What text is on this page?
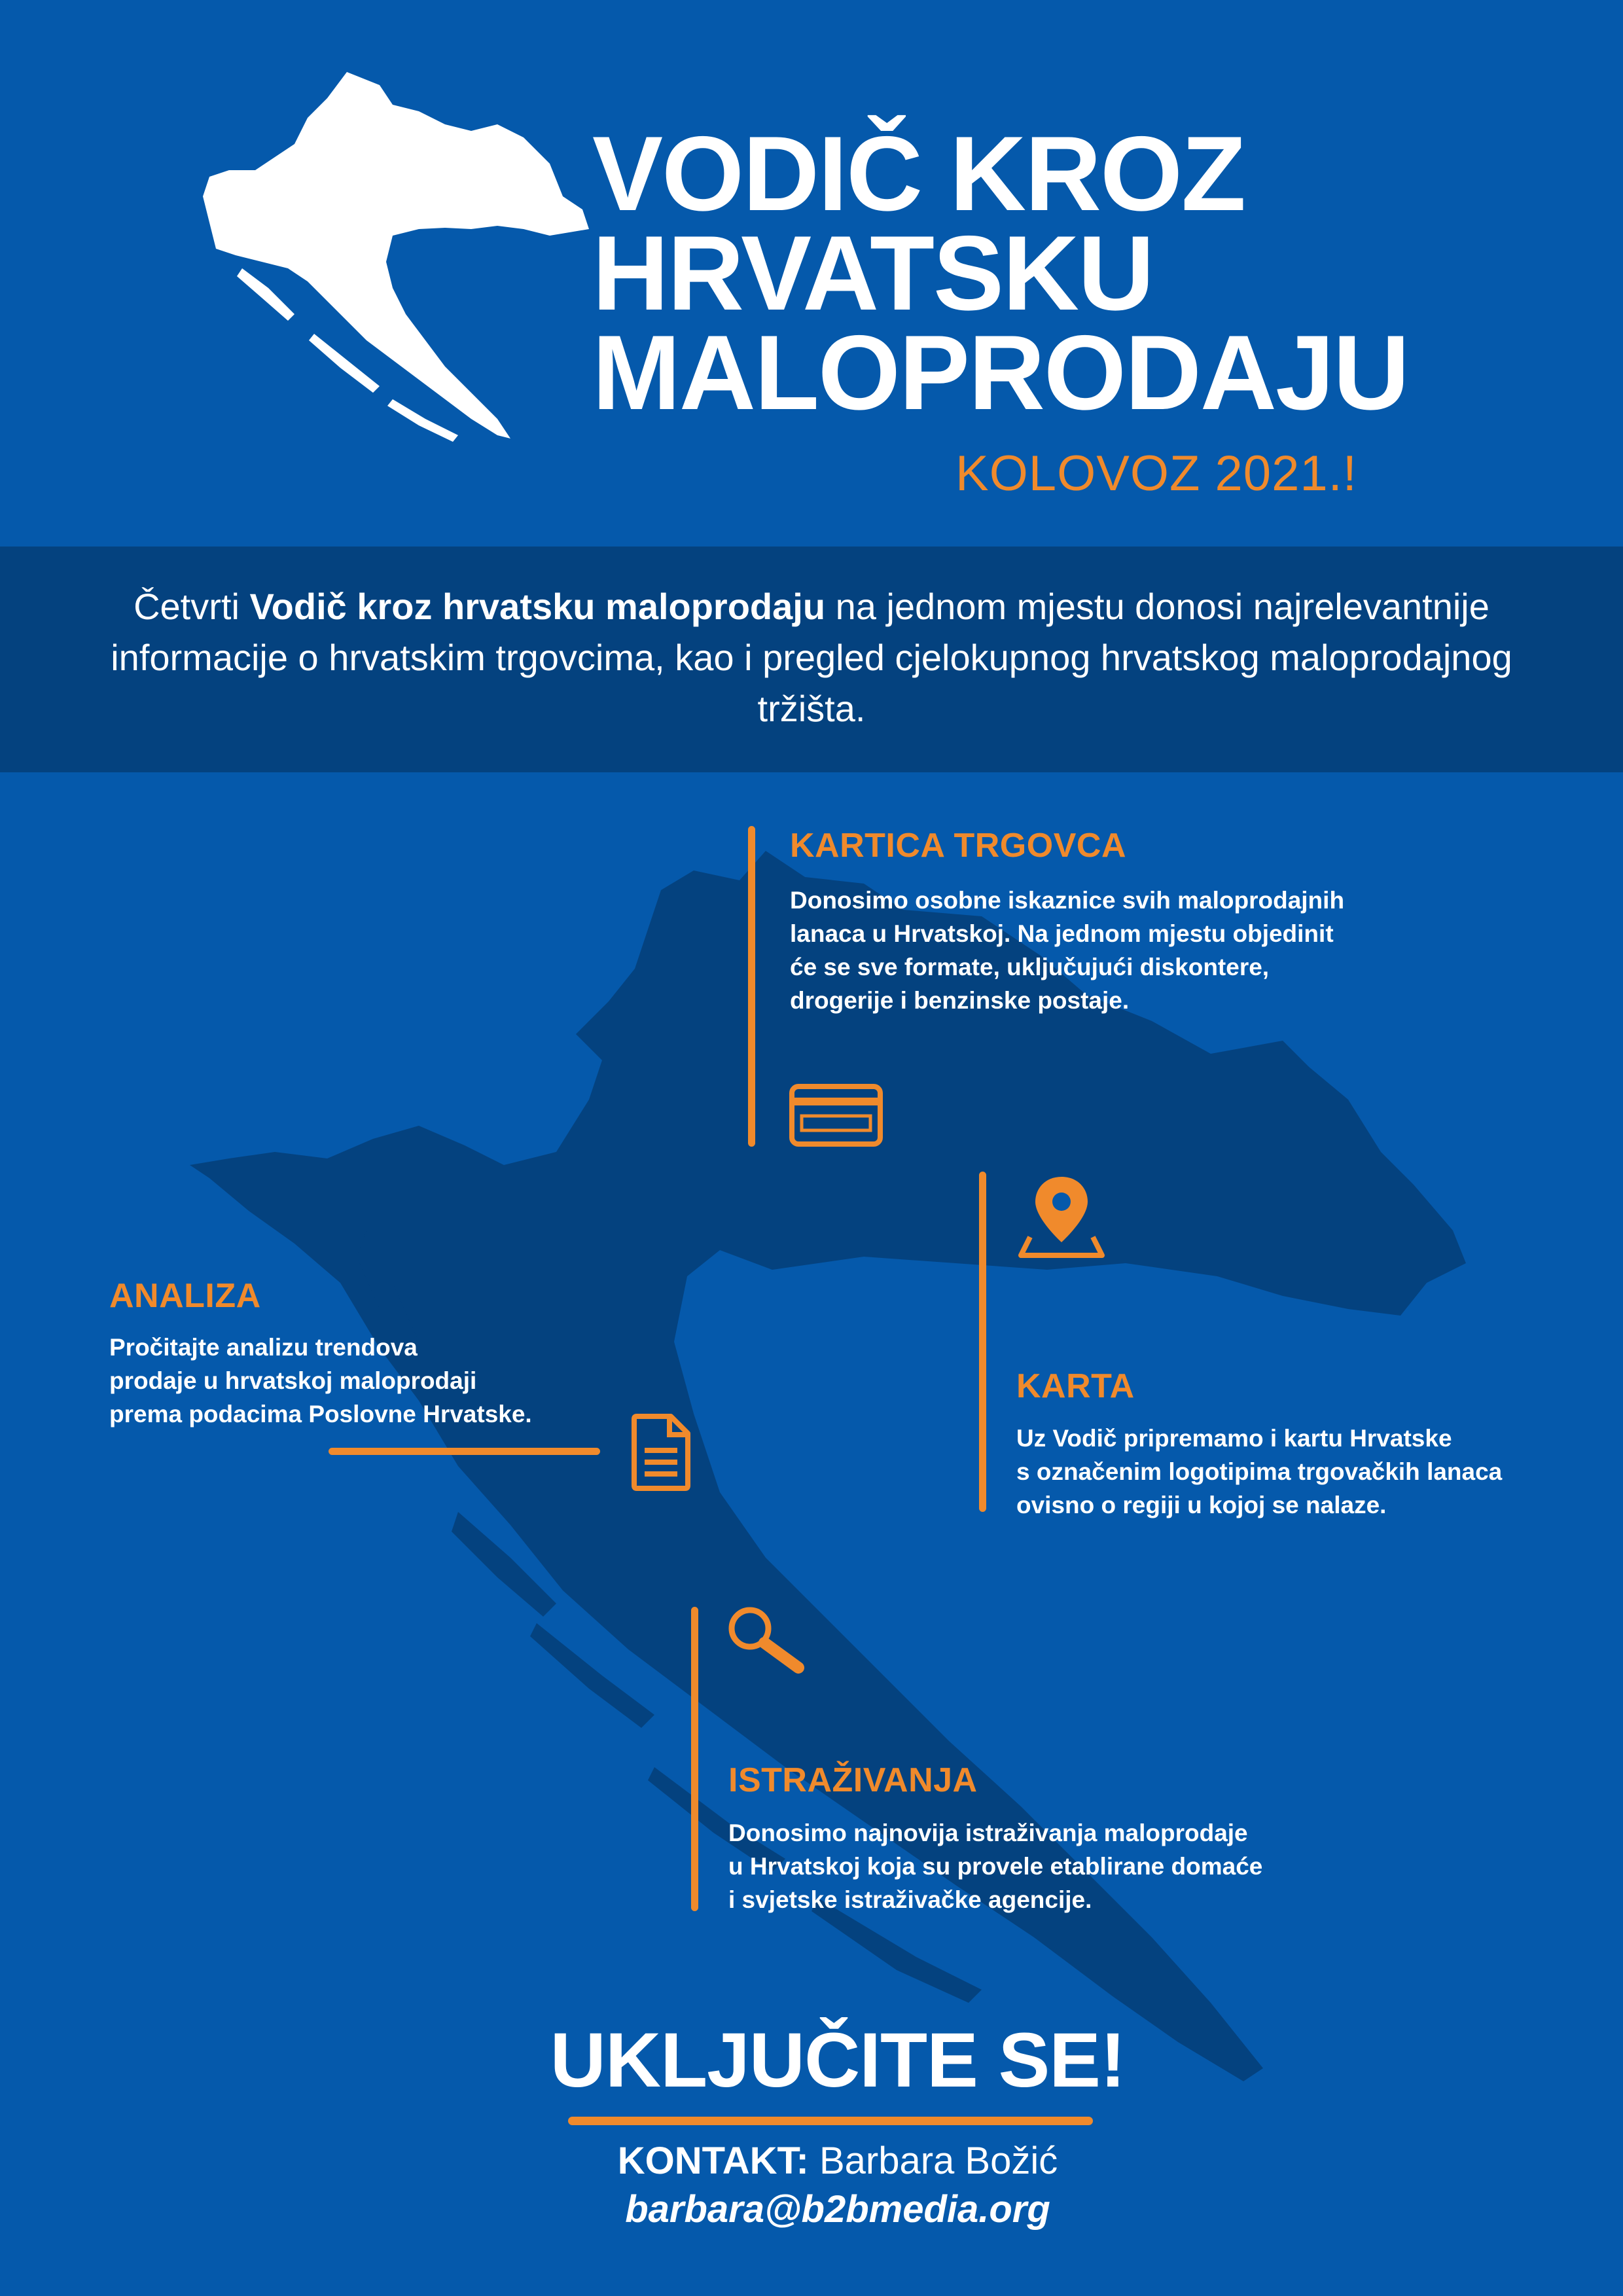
VODIČ KROZ
HRVATSKU
MALOPRODAJU
KOLOVOZ 2021.!
Četvrti Vodič kroz hrvatsku maloprodaju na jednom mjestu donosi najrelevantnije informacije o hrvatskim trgovcima, kao i pregled cjelokupnog hrvatskog maloprodajnog tržišta.
KARTICA TRGOVCA
Donosimo osobne iskaznice svih maloprodajnih
lanaca u Hrvatskoj. Na jednom mjestu objedinit
će se sve formate, uključujući diskontere,
drogerije i benzinske postaje.
KARTA
Uz Vodič pripremamo i kartu Hrvatske
s označenim logotipima trgovačkih lanaca
ovisno o regiji u kojoj se nalaze.
ANALIZA
Pročitajte analizu trendova
prodaje u hrvatskoj maloprodaji
prema podacima Poslovne Hrvatske.
ISTRAŽIVANJA
Donosimo najnovija istraživanja maloprodaje
u Hrvatskoj koja su provele etablirane domaće
i svjetske istraživačke agencije.
UKLJUČITE SE!
KONTAKT: Barbara Božić
barbara@b2bmedia.org
